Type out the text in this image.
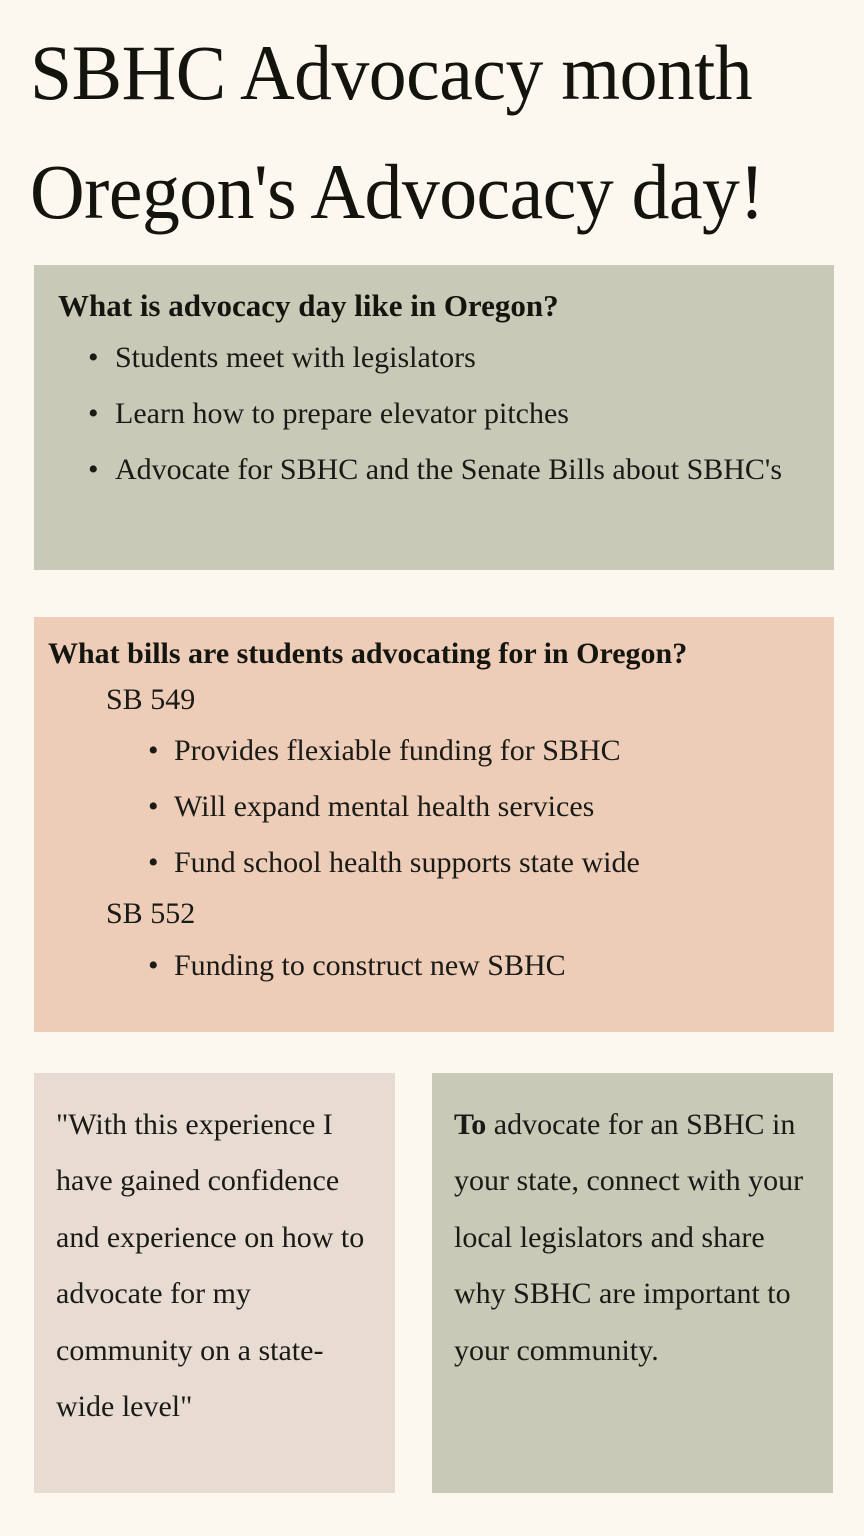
SBHC Advocacy month
Oregon's Advocacy day!

What is advocacy day like in Oregon?

• Students meet with legislators
• Learn how to prepare elevator pitches
• Advocate for SBHC and the Senate Bills about SBHC's

What bills are students advocating for in Oregon?

SB 549
• Provides flexiable funding for SBHC
• Will expand mental health services
• Fund school health supports state wide
SB 552
• Funding to construct new SBHC

"With this experience I have gained confidence and experience on how to advocate for my community on a state-wide level"

To advocate for an SBHC in your state, connect with your local legislators and share why SBHC are important to your community.
